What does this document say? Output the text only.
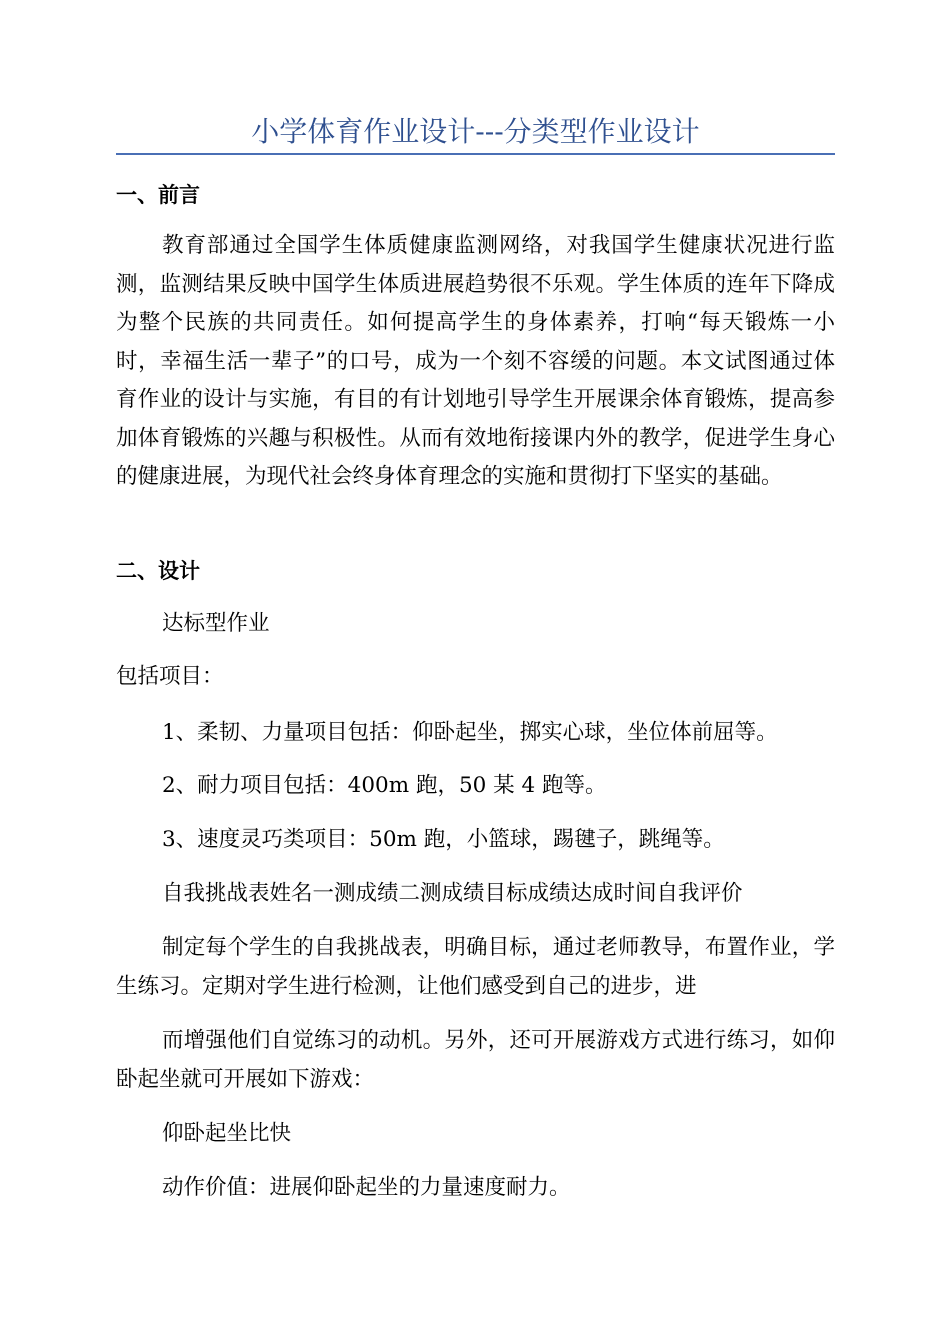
小学体育作业设计---分类型作业设计
一、前言

教育部通过全国学生体质健康监测网络，对我国学生健康状况进行监测，监测结果反映中国学生体质进展趋势很不乐观。学生体质的连年下降成为整个民族的共同责任。如何提高学生的身体素养，打响“每天锻炼一小时，幸福生活一辈子”的口号，成为一个刻不容缓的问题。本文试图通过体育作业的设计与实施，有目的有计划地引导学生开展课余体育锻炼，提高参加体育锻炼的兴趣与积极性。从而有效地衔接课内外的教学，促进学生身心的健康进展，为现代社会终身体育理念的实施和贯彻打下坚实的基础。

二、设计
达标型作业
包括项目：
1、柔韧、力量项目包括：仰卧起坐，掷实心球，坐位体前屈等。
2、耐力项目包括：400m 跑，50 某 4 跑等。
3、速度灵巧类项目：50m 跑，小篮球，踢毽子，跳绳等。
自我挑战表姓名一测成绩二测成绩目标成绩达成时间自我评价

制定每个学生的自我挑战表，明确目标，通过老师教导，布置作业，学生练习。定期对学生进行检测，让他们感受到自己的进步，进

而增强他们自觉练习的动机。另外，还可开展游戏方式进行练习，如仰卧起坐就可开展如下游戏：

仰卧起坐比快
动作价值：进展仰卧起坐的力量速度耐力。
